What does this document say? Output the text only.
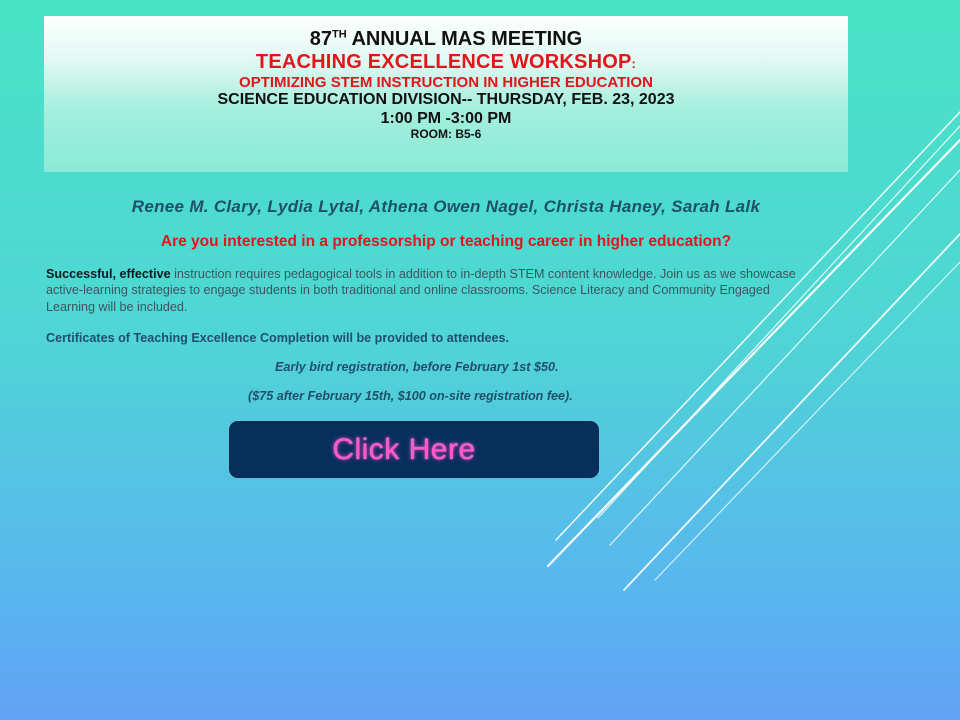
87TH ANNUAL MAS MEETING
TEACHING EXCELLENCE WORKSHOP:
OPTIMIZING STEM INSTRUCTION IN HIGHER EDUCATION
SCIENCE EDUCATION DIVISION-- THURSDAY, FEB. 23, 2023
1:00 PM -3:00 PM
ROOM: B5-6
Renee M. Clary, Lydia Lytal, Athena Owen Nagel, Christa Haney, Sarah Lalk
Are you interested in a professorship or teaching career in higher education?
Successful, effective instruction requires pedagogical tools in addition to in-depth STEM content knowledge. Join us as we showcase active-learning strategies to engage students in both traditional and online classrooms. Science Literacy and Community Engaged Learning will be included.
Certificates of Teaching Excellence Completion will be provided to attendees.
Early bird registration, before February 1st $50.
($75 after February 15th, $100 on-site registration fee).
Click Here
